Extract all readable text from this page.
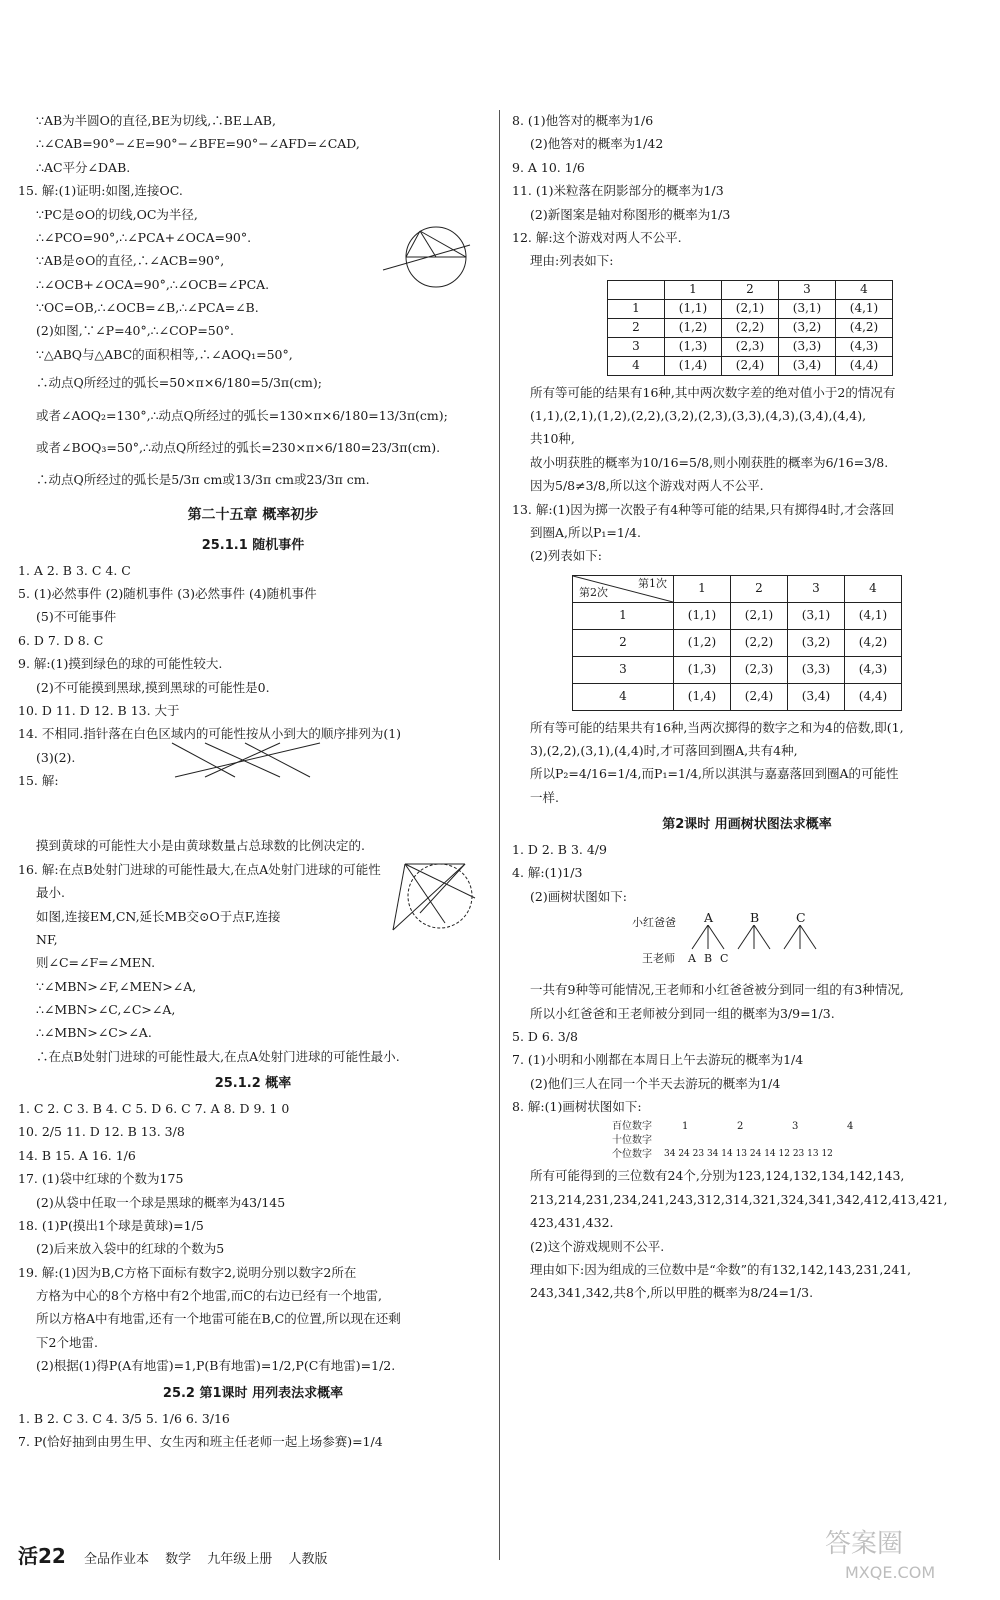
∵AB为半圆O的直径,BE为切线,∴BE⊥AB,

∴∠CAB=90°−∠E=90°−∠BFE=90°−∠AFD=∠CAD,

∴AC平分∠DAB.

15. 解:(1)证明:如图,连接OC.

∵PC是⊙O的切线,OC为半径,

∴∠PCO=90°,∴∠PCA+∠OCA=90°.

∵AB是⊙O的直径,∴∠ACB=90°,

∴∠OCB+∠OCA=90°,∴∠OCB=∠PCA.

∵OC=OB,∴∠OCB=∠B,∴∠PCA=∠B.

(2)如图,∵∠P=40°,∴∠COP=50°.

∵△ABQ与△ABC的面积相等,∴∠AOQ₁=50°,

∴动点Q所经过的弧长=50×π×6/180=5/3π(cm);

或者∠AOQ₂=130°,∴动点Q所经过的弧长=130×π×6/180=13/3π(cm);

或者∠BOQ₃=50°,∴动点Q所经过的弧长=230×π×6/180=23/3π(cm).

∴动点Q所经过的弧长是5/3π cm或13/3π cm或23/3π cm.

第二十五章 概率初步
25.1.1 随机事件

1. A 2. B 3. C 4. C

5. (1)必然事件 (2)随机事件 (3)必然事件 (4)随机事件

(5)不可能事件

6. D 7. D 8. C

9. 解:(1)摸到绿色的球的可能性较大.

(2)不可能摸到黑球,摸到黑球的可能性是0.

10. D 11. D 12. B 13. 大于

14. 不相同.指针落在白色区域内的可能性按从小到大的顺序排列为(1)

(3)(2).

15. 解:

摸到黄球的可能性大小是由黄球数量占总球数的比例决定的.

16. 解:在点B处射门进球的可能性最大,在点A处射门进球的可能性

最小.

如图,连接EM,CN,延长MB交⊙O于点F,连接

NF,

则∠C=∠F=∠MEN.

∵∠MBN>∠F,∠MEN>∠A,

∴∠MBN>∠C,∠C>∠A,

∴∠MBN>∠C>∠A.

∴在点B处射门进球的可能性最大,在点A处射门进球的可能性最小.

25.1.2 概率

1. C 2. C 3. B 4. C 5. D 6. C 7. A 8. D 9. 1 0

10. 2/5 11. D 12. B 13. 3/8

14. B 15. A 16. 1/6

17. (1)袋中红球的个数为175

(2)从袋中任取一个球是黑球的概率为43/145

18. (1)P(摸出1个球是黄球)=1/5

(2)后来放入袋中的红球的个数为5

19. 解:(1)因为B,C方格下面标有数字2,说明分别以数字2所在

方格为中心的8个方格中有2个地雷,而C的右边已经有一个地雷,

所以方格A中有地雷,还有一个地雷可能在B,C的位置,所以现在还剩

下2个地雷.

(2)根据(1)得P(A有地雷)=1,P(B有地雷)=1/2,P(C有地雷)=1/2.

25.2 第1课时 用列表法求概率

1. B 2. C 3. C 4. 3/5 5. 1/6 6. 3/16

7. P(恰好抽到由男生甲、女生丙和班主任老师一起上场参赛)=1/4

8. (1)他答对的概率为1/6

(2)他答对的概率为1/42

9. A 10. 1/6

11. (1)米粒落在阴影部分的概率为1/3

(2)新图案是轴对称图形的概率为1/3

12. 解:这个游戏对两人不公平.

理由:列表如下:

	1	2	3	4
1	(1,1)	(2,1)	(3,1)	(4,1)
2	(1,2)	(2,2)	(3,2)	(4,2)
3	(1,3)	(2,3)	(3,3)	(4,3)
4	(1,4)	(2,4)	(3,4)	(4,4)

所有等可能的结果有16种,其中两次数字差的绝对值小于2的情况有

(1,1),(2,1),(1,2),(2,2),(3,2),(2,3),(3,3),(4,3),(3,4),(4,4),

共10种,

故小明获胜的概率为10/16=5/8,则小刚获胜的概率为6/16=3/8.

因为5/8≠3/8,所以这个游戏对两人不公平.

13. 解:(1)因为掷一次骰子有4种等可能的结果,只有掷得4时,才会落回

到圈A,所以P₁=1/4.

(2)列表如下:

第1次
第2次	1	2	3	4
1	(1,1)	(2,1)	(3,1)	(4,1)
2	(1,2)	(2,2)	(3,2)	(4,2)
3	(1,3)	(2,3)	(3,3)	(4,3)
4	(1,4)	(2,4)	(3,4)	(4,4)

所有等可能的结果共有16种,当两次掷得的数字之和为4的倍数,即(1,

3),(2,2),(3,1),(4,4)时,才可落回到圈A,共有4种,

所以P₂=4/16=1/4,而P₁=1/4,所以淇淇与嘉嘉落回到圈A的可能性

一样.

第2课时 用画树状图法求概率

1. D 2. B 3. 4/9

4. 解:(1)1/3

(2)画树状图如下:

小红爸爸
王老师
A	B	C
A B C

一共有9种等可能情况,王老师和小红爸爸被分到同一组的有3种情况,

所以小红爸爸和王老师被分到同一组的概率为3/9=1/3.

5. D 6. 3/8

7. (1)小明和小刚都在本周日上午去游玩的概率为1/4

(2)他们三人在同一个半天去游玩的概率为1/4

8. 解:(1)画树状图如下:

百位数字
十位数字
个位数字
1	2	3	4
34 24 23 34 14 13 24 14 12 23 13 12

所有可能得到的三位数有24个,分别为123,124,132,134,142,143,

213,214,231,234,241,243,312,314,321,324,341,342,412,413,421,

423,431,432.

(2)这个游戏规则不公平.

理由如下:因为组成的三位数中是“伞数”的有132,142,143,231,241,

243,341,342,共8个,所以甲胜的概率为8/24=1/3.

活22 全品作业本 数学 九年级上册 人教版
答案圈
MXQE.COM
